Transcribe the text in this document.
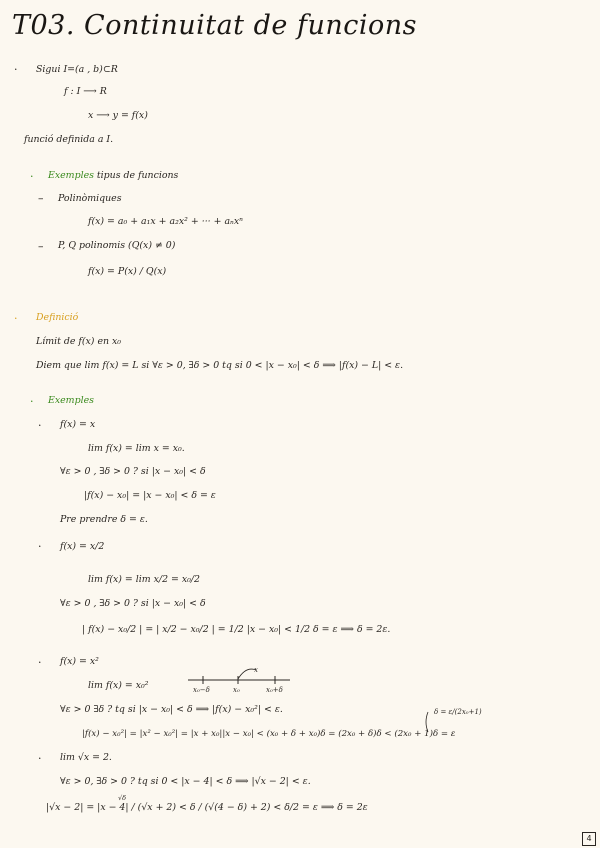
T03. Continuitat de funcions
·
·
–
–
·
·
·
·
·
·
Sigui I=(a , b)⊂R
f : I ⟶ R
x ⟶ y = f(x)
funció definida a I.
Exemples tipus de funcions
Polinòmiques
f(x) = a₀ + a₁x + a₂x² + ··· + aₙxⁿ
P, Q polinomis (Q(x) ≠ 0)
f(x) = P(x) / Q(x)
Definició
Límit de f(x) en x₀
Diem que lim f(x) = L si ∀ε > 0, ∃δ > 0 tq si 0 < |x − x₀| < δ ⟹ |f(x) − L| < ε.
Exemples
f(x) = x
lim f(x) = lim x = x₀.
∀ε > 0 , ∃δ > 0 ? si |x − x₀| < δ
|f(x) − x₀| = |x − x₀| < δ = ε
Pre prendre δ = ε.
f(x) = x/2
lim f(x) = lim x/2 = x₀/2
∀ε > 0 , ∃δ > 0 ? si |x − x₀| < δ
| f(x) − x₀/2 | = | x/2 − x₀/2 | = 1/2 |x − x₀| < 1/2 δ = ε ⟹ δ = 2ε.
f(x) = x²
lim f(x) = x₀²
∀ε > 0 ∃δ ? tq si |x − x₀| < δ ⟹ |f(x) − x₀²| < ε.
|f(x) − x₀²| = |x² − x₀²| = |x + x₀||x − x₀| < (x₀ + δ + x₀)δ = (2x₀ + δ)δ < (2x₀ + 1)δ = ε
lim √x = 2.
∀ε > 0, ∃δ > 0 ? tq si 0 < |x − 4| < δ ⟹ |√x − 2| < ε.
|√x − 2| = |x − 4| / (√x + 2) < δ / (√(4 − δ) + 2) < δ/2 = ε ⟹ δ = 2ε
δ = ε/(2x₀+1)
√δ
x₀−δ	x₀	x₀+δ
x
4
